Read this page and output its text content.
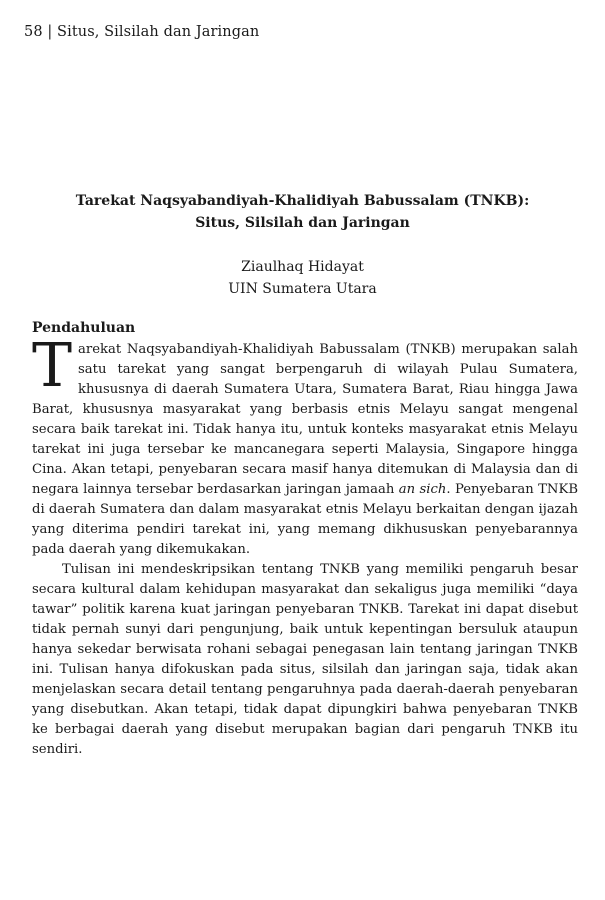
58 | Situs, Silsilah dan Jaringan
Tarekat Naqsyabandiyah-Khalidiyah Babussalam (TNKB):
Situs, Silsilah dan Jaringan
Ziaulhaq Hidayat
UIN Sumatera Utara
Pendahuluan

Tarekat Naqsyabandiyah-Khalidiyah Babussalam (TNKB) merupakan salah satu tarekat yang sangat berpengaruh di wilayah Pulau Sumatera, khususnya di daerah Sumatera Utara, Sumatera Barat, Riau hingga Jawa Barat, khususnya masyarakat yang berbasis etnis Melayu sangat mengenal secara baik tarekat ini. Tidak hanya itu, untuk konteks masyarakat etnis Melayu tarekat ini juga tersebar ke mancanegara seperti Malaysia, Singapore hingga Cina. Akan tetapi, penyebaran secara masif hanya ditemukan di Malaysia dan di negara lainnya tersebar berdasarkan jaringan jamaah an sich. Penyebaran TNKB di daerah Sumatera dan dalam masyarakat etnis Melayu berkaitan dengan ijazah yang diterima pendiri tarekat ini, yang memang dikhususkan penyebarannya pada daerah yang dikemukakan.

Tulisan ini mendeskripsikan tentang TNKB yang memiliki pengaruh besar secara kultural dalam kehidupan masyarakat dan sekaligus juga memiliki “daya tawar” politik karena kuat jaringan penyebaran TNKB. Tarekat ini dapat disebut tidak pernah sunyi dari pengunjung, baik untuk kepentingan bersuluk ataupun hanya sekedar berwisata rohani sebagai penegasan lain tentang jaringan TNKB ini. Tulisan hanya difokuskan pada situs, silsilah dan jaringan saja, tidak akan menjelaskan secara detail tentang pengaruhnya pada daerah-daerah penyebaran yang disebutkan. Akan tetapi, tidak dapat dipungkiri bahwa penyebaran TNKB ke berbagai daerah yang disebut merupakan bagian dari pengaruh TNKB itu sendiri.
